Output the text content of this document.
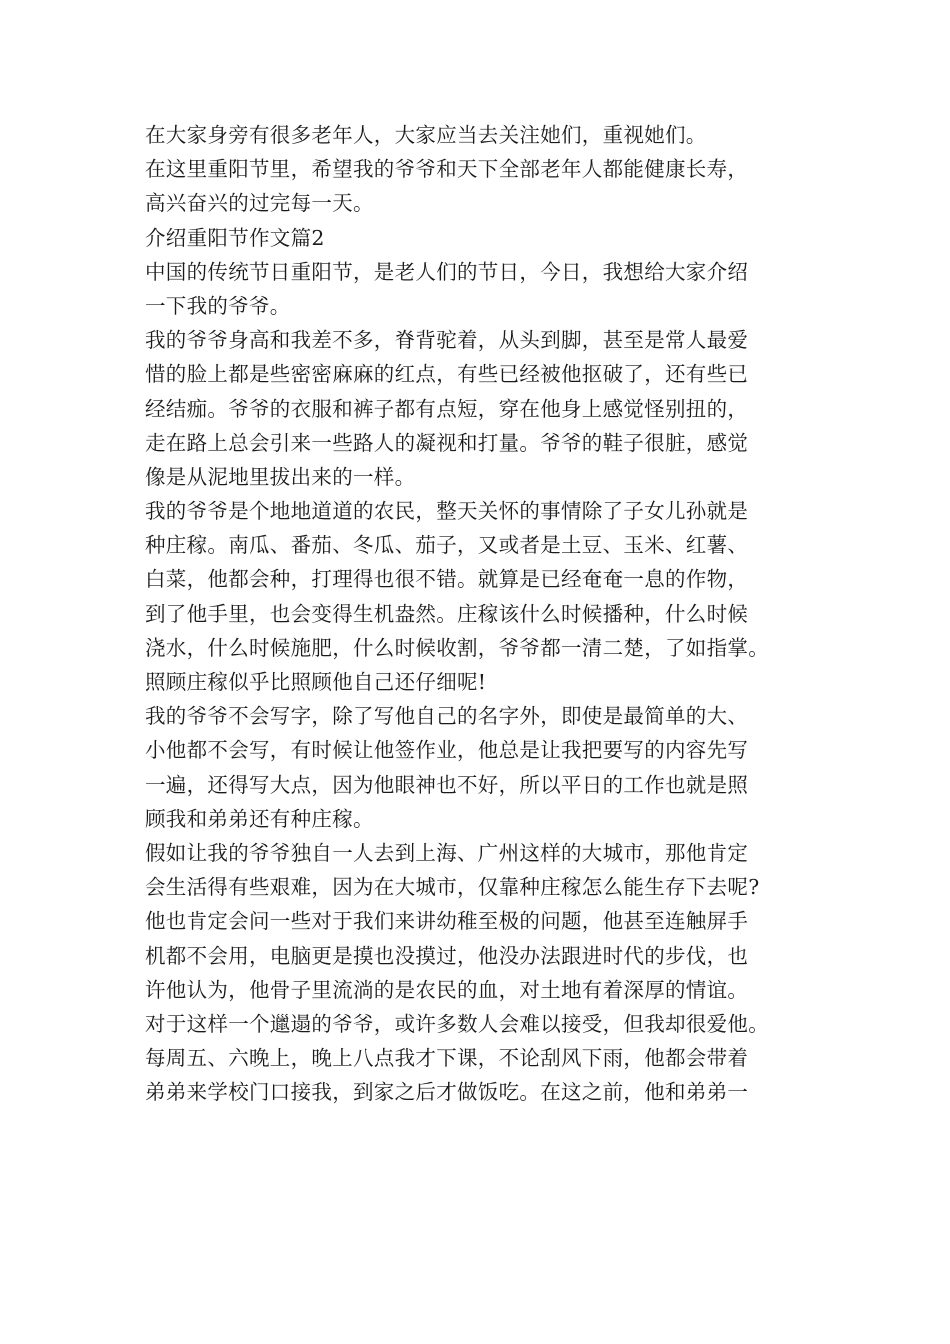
在大家身旁有很多老年人，大家应当去关注她们，重视她们。
在这里重阳节里，希望我的爷爷和天下全部老年人都能健康长寿，
高兴奋兴的过完每一天。
介绍重阳节作文篇2
中国的传统节日重阳节，是老人们的节日，今日，我想给大家介绍
一下我的爷爷。
我的爷爷身高和我差不多，脊背驼着，从头到脚，甚至是常人最爱
惜的脸上都是些密密麻麻的红点，有些已经被他抠破了，还有些已
经结痂。爷爷的衣服和裤子都有点短，穿在他身上感觉怪别扭的，
走在路上总会引来一些路人的凝视和打量。爷爷的鞋子很脏，感觉
像是从泥地里拔出来的一样。
我的爷爷是个地地道道的农民，整天关怀的事情除了子女儿孙就是
种庄稼。南瓜、番茄、冬瓜、茄子，又或者是土豆、玉米、红薯、
白菜，他都会种，打理得也很不错。就算是已经奄奄一息的作物，
到了他手里，也会变得生机盎然。庄稼该什么时候播种，什么时候
浇水，什么时候施肥，什么时候收割，爷爷都一清二楚，了如指掌。
照顾庄稼似乎比照顾他自己还仔细呢!
我的爷爷不会写字，除了写他自己的名字外，即使是最简单的大、
小他都不会写，有时候让他签作业，他总是让我把要写的内容先写
一遍，还得写大点，因为他眼神也不好，所以平日的工作也就是照
顾我和弟弟还有种庄稼。
假如让我的爷爷独自一人去到上海、广州这样的大城市，那他肯定
会生活得有些艰难，因为在大城市，仅靠种庄稼怎么能生存下去呢?
他也肯定会问一些对于我们来讲幼稚至极的问题，他甚至连触屏手
机都不会用，电脑更是摸也没摸过，他没办法跟进时代的步伐，也
许他认为，他骨子里流淌的是农民的血，对土地有着深厚的情谊。
对于这样一个邋遢的爷爷，或许多数人会难以接受，但我却很爱他。
每周五、六晚上，晚上八点我才下课，不论刮风下雨，他都会带着
弟弟来学校门口接我，到家之后才做饭吃。在这之前，他和弟弟一
